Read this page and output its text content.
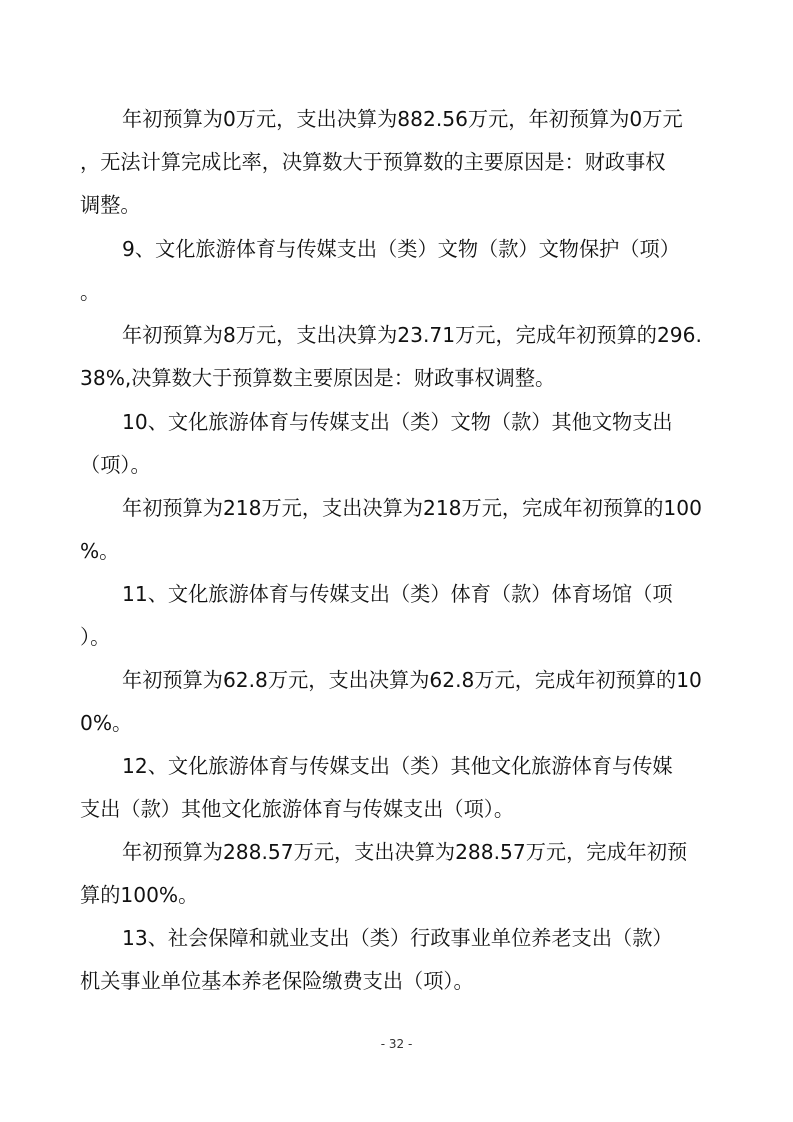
年初预算为0万元，支出决算为882.56万元，年初预算为0万元
，无法计算完成比率，决算数大于预算数的主要原因是：财政事权
调整。
9、文化旅游体育与传媒支出（类）文物（款）文物保护（项）
。
年初预算为8万元，支出决算为23.71万元，完成年初预算的296.
38%,决算数大于预算数主要原因是：财政事权调整。
10、文化旅游体育与传媒支出（类）文物（款）其他文物支出
（项）。
年初预算为218万元，支出决算为218万元，完成年初预算的100
%。
11、文化旅游体育与传媒支出（类）体育（款）体育场馆（项
）。
年初预算为62.8万元，支出决算为62.8万元，完成年初预算的10
0%。
12、文化旅游体育与传媒支出（类）其他文化旅游体育与传媒
支出（款）其他文化旅游体育与传媒支出（项）。
年初预算为288.57万元，支出决算为288.57万元，完成年初预
算的100%。
13、社会保障和就业支出（类）行政事业单位养老支出（款）
机关事业单位基本养老保险缴费支出（项）。
- 32 -
